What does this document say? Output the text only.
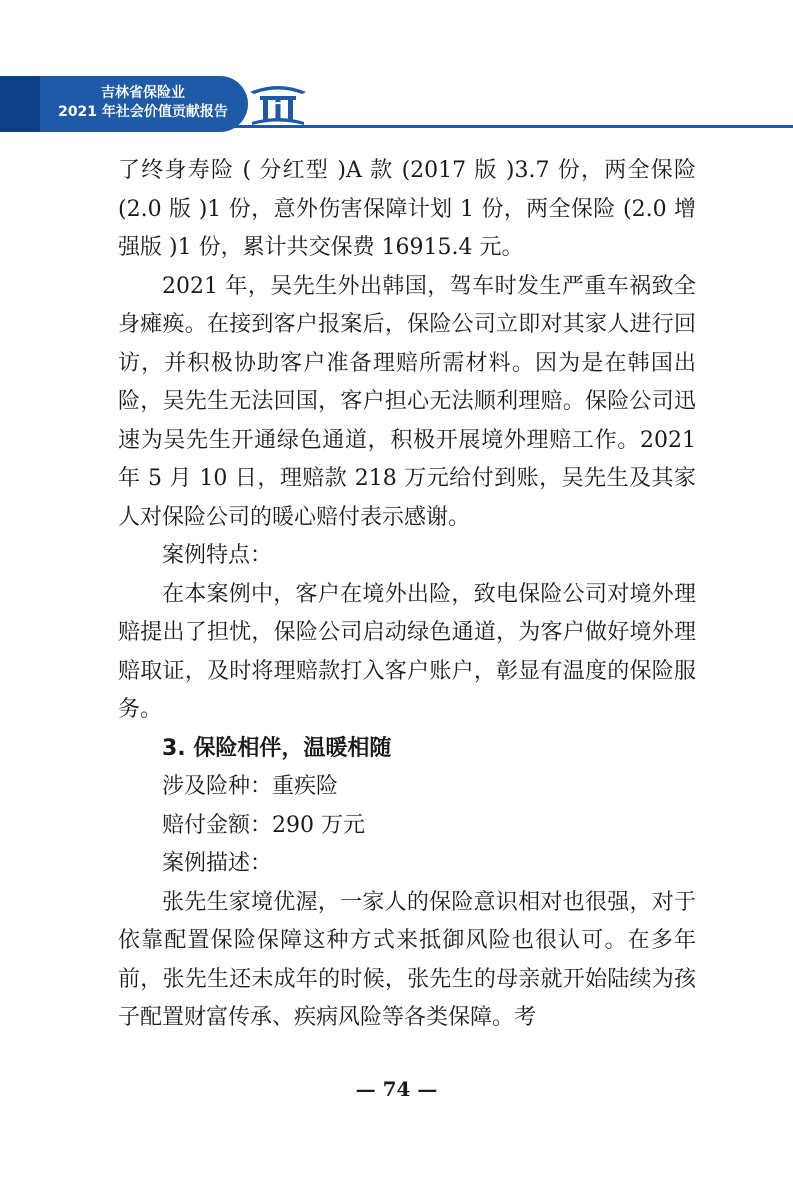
吉林省保险业
2021 年社会价值贡献报告

了终身寿险 ( 分红型 )A 款 (2017 版 )3.7 份，两全保险 (2.0 版 )1 份，意外伤害保障计划 1 份，两全保险 (2.0 增强版 )1 份，累计共交保费 16915.4 元。

2021 年，吴先生外出韩国，驾车时发生严重车祸致全身瘫痪。在接到客户报案后，保险公司立即对其家人进行回访，并积极协助客户准备理赔所需材料。因为是在韩国出险，吴先生无法回国，客户担心无法顺利理赔。保险公司迅速为吴先生开通绿色通道，积极开展境外理赔工作。2021 年 5 月 10 日，理赔款 218 万元给付到账，吴先生及其家人对保险公司的暖心赔付表示感谢。

案例特点：

在本案例中，客户在境外出险，致电保险公司对境外理赔提出了担忧，保险公司启动绿色通道，为客户做好境外理赔取证，及时将理赔款打入客户账户，彰显有温度的保险服务。

3. 保险相伴，温暖相随

涉及险种：重疾险

赔付金额：290 万元

案例描述：

张先生家境优渥，一家人的保险意识相对也很强，对于依靠配置保险保障这种方式来抵御风险也很认可。在多年前，张先生还未成年的时候，张先生的母亲就开始陆续为孩子配置财富传承、疾病风险等各类保障。考

— 74 —
